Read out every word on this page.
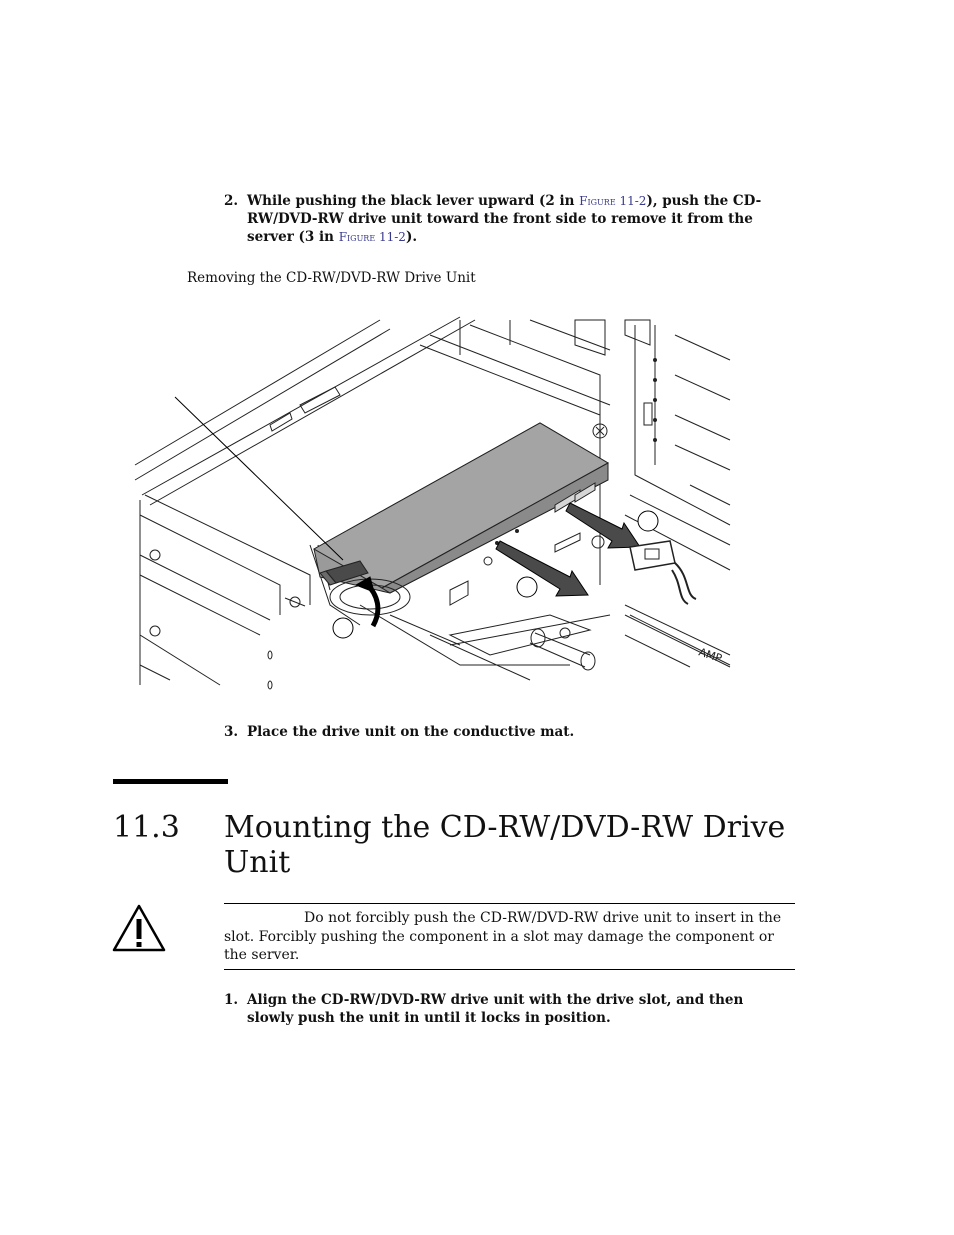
2. While pushing the black lever upward (2 in Figure 11-2), push the CD-RW/DVD-RW drive unit toward the front side to remove it from the server (3 in Figure 11-2).
Removing the CD-RW/DVD-RW Drive Unit
AMP
3. Place the drive unit on the conductive mat.
11.3 Mounting the CD-RW/DVD-RW Drive
Unit
Do not forcibly push the CD-RW/DVD-RW drive unit to insert in the slot. Forcibly pushing the component in a slot may damage the component or the server.
1. Align the CD-RW/DVD-RW drive unit with the drive slot, and then slowly push the unit in until it locks in position.
